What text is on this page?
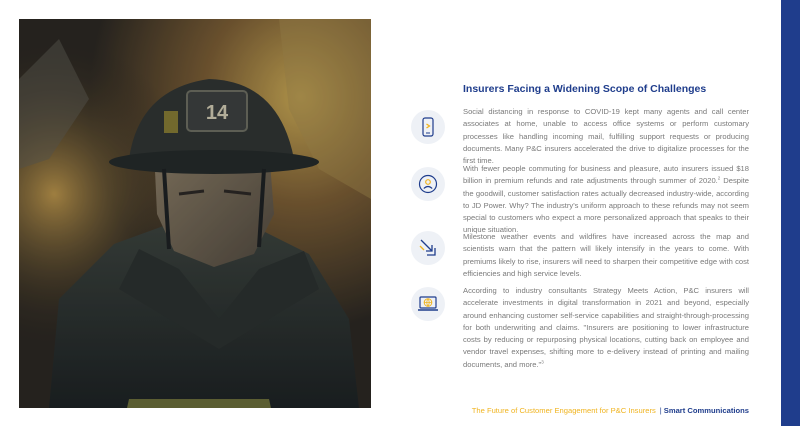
14
Insurers Facing a Widening Scope of Challenges

Social distancing in response to COVID-19 kept many agents and call center associates at home, unable to access office systems or perform customary processes like handling incoming mail, fulfilling support requests or producing documents. Many P&C insurers accelerated the drive to digitalize processes for the first time.

With fewer people commuting for business and pleasure, auto insurers issued $18 billion in premium refunds and rate adjustments through summer of 2020.$^2$ Despite the goodwill, customer satisfaction rates actually decreased industry-wide, according to JD Power. Why? The industry's uniform approach to these refunds may not seem special to customers who expect a more personalized approach that speaks to their unique situation.

Milestone weather events and wildfires have increased across the map and scientists warn that the pattern will likely intensify in the years to come. With premiums likely to rise, insurers will need to sharpen their competitive edge with cost efficiencies and high service levels.

According to industry consultants Strategy Meets Action, P&C insurers will accelerate investments in digital transformation in 2021 and beyond, especially around enhancing customer self-service capabilities and straight-through-processing for both underwriting and claims. "Insurers are positioning to lower infrastructure costs by reducing or repurposing physical locations, cutting back on employee and vendor travel expenses, shifting more to e-delivery instead of printing and mailing documents, and more."$^3$

The Future of Customer Engagement for P&C Insurers | Smart Communications
